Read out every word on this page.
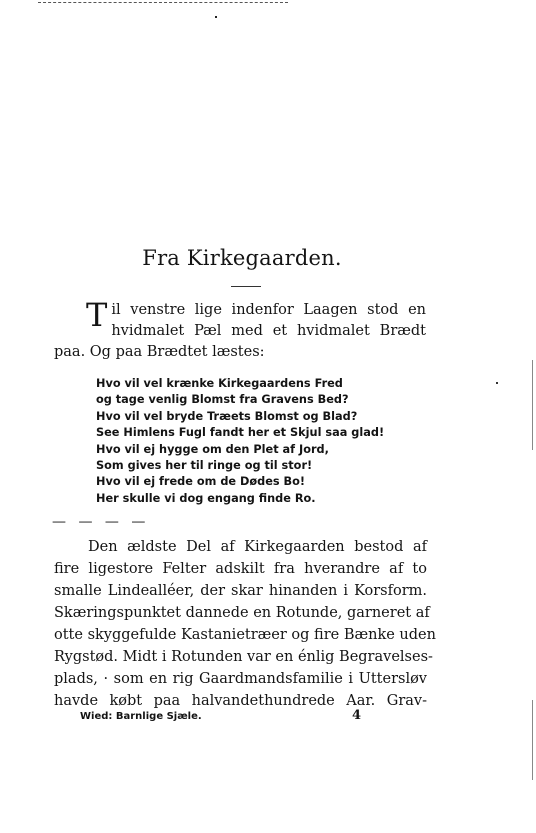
Fra Kirkegaarden.

Til venstre lige indenfor Laagen stod en hvidmalet Pæl med et hvidmalet Brædt paa. Og paa Brædtet læstes:

Hvo vil vel krænke Kirkegaardens Fred
og tage venlig Blomst fra Gravens Bed?
Hvo vil vel bryde Træets Blomst og Blad?
See Himlens Fugl fandt her et Skjul saa glad!
Hvo vil ej hygge om den Plet af Jord,
Som gives her til ringe og til stor!
Hvo vil ej frede om de Dødes Bo!
Her skulle vi dog engang finde Ro.
— — — —
Den ældste Del af Kirkegaarden bestod af
fire ligestore Felter adskilt fra hverandre af to
smalle Lindealléer, der skar hinanden i Korsform.
Skæringspunktet dannede en Rotunde, garneret af
otte skyggefulde Kastanietræer og fire Bænke uden
Rygstød. Midt i Rotunden var en énlig Begravelses-
plads, · som en rig Gaardmandsfamilie i Uttersløv
havde købt paa halvandethundrede Aar. Grav-
Wied: Barnlige Sjæle.	4
